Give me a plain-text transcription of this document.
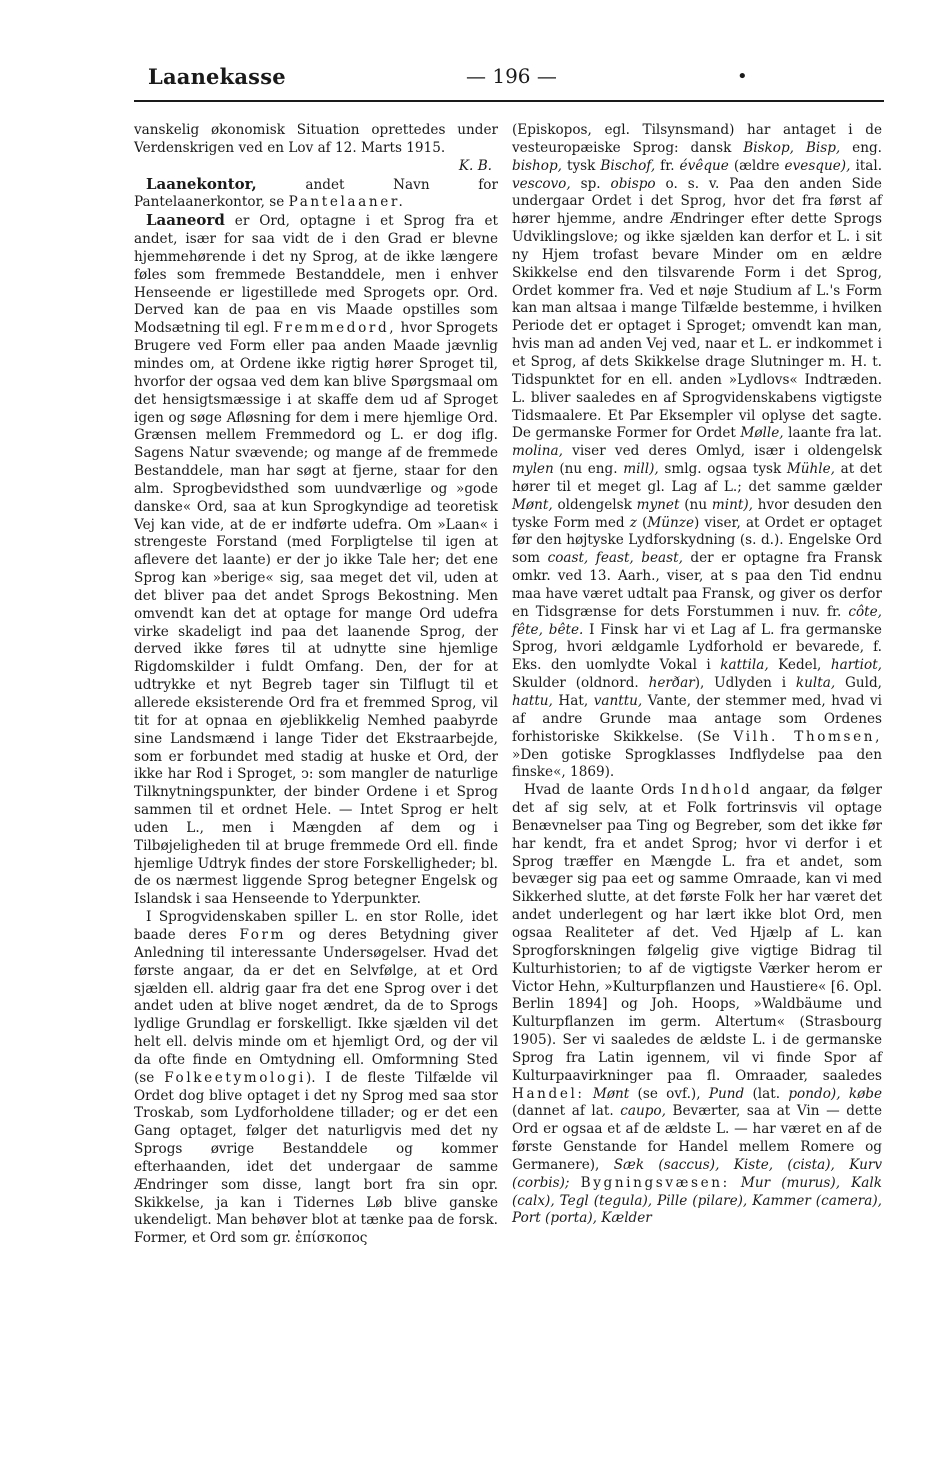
Laanekasse	— 196 —	•

vanskelig økonomisk Situation oprettedes under Verdenskrigen ved en Lov af 12. Marts 1915.

K. B.

Laanekontor, andet Navn for Pantelaanerkontor, se Pantelaaner.

Laaneord er Ord, optagne i et Sprog fra et andet, især for saa vidt de i den Grad er blevne hjemmehørende i det ny Sprog, at de ikke længere føles som fremmede Bestanddele, men i enhver Henseende er ligestillede med Sprogets opr. Ord. Derved kan de paa en vis Maade opstilles som Modsætning til egl. Fremmedord, hvor Sprogets Brugere ved Form eller paa anden Maade jævnlig mindes om, at Ordene ikke rigtig hører Sproget til, hvorfor der ogsaa ved dem kan blive Spørgsmaal om det hensigtsmæssige i at skaffe dem ud af Sproget igen og søge Afløsning for dem i mere hjemlige Ord. Grænsen mellem Fremmedord og L. er dog iflg. Sagens Natur svævende; og mange af de fremmede Bestanddele, man har søgt at fjerne, staar for den alm. Sprogbevidsthed som uundværlige og »gode danske« Ord, saa at kun Sprogkyndige ad teoretisk Vej kan vide, at de er indførte udefra. Om »Laan« i strengeste Forstand (med Forpligtelse til igen at aflevere det laante) er der jo ikke Tale her; det ene Sprog kan »berige« sig, saa meget det vil, uden at det bliver paa det andet Sprogs Bekostning. Men omvendt kan det at optage for mange Ord udefra virke skadeligt ind paa det laanende Sprog, der derved ikke føres til at udnytte sine hjemlige Rigdomskilder i fuldt Omfang. Den, der for at udtrykke et nyt Begreb tager sin Tilflugt til et allerede eksisterende Ord fra et fremmed Sprog, vil tit for at opnaa en øjeblikkelig Nemhed paabyrde sine Landsmænd i lange Tider det Ekstraarbejde, som er forbundet med stadig at huske et Ord, der ikke har Rod i Sproget, ↄ: som mangler de naturlige Tilknytningspunkter, der binder Ordene i et Sprog sammen til et ordnet Hele. — Intet Sprog er helt uden L., men i Mængden af dem og i Tilbøjeligheden til at bruge fremmede Ord ell. finde hjemlige Udtryk findes der store Forskelligheder; bl. de os nærmest liggende Sprog betegner Engelsk og Islandsk i saa Henseende to Yderpunkter.

I Sprogvidenskaben spiller L. en stor Rolle, idet baade deres Form og deres Betydning giver Anledning til interessante Undersøgelser. Hvad det første angaar, da er det en Selvfølge, at et Ord sjælden ell. aldrig gaar fra det ene Sprog over i det andet uden at blive noget ændret, da de to Sprogs lydlige Grundlag er forskelligt. Ikke sjælden vil det helt ell. delvis minde om et hjemligt Ord, og der vil da ofte finde en Omtydning ell. Omformning Sted (se Folkeetymologi). I de fleste Tilfælde vil Ordet dog blive optaget i det ny Sprog med saa stor Troskab, som Lydforholdene tillader; og er det een Gang optaget, følger det naturligvis med det ny Sprogs øvrige Bestanddele og kommer efterhaanden, idet det undergaar de samme Ændringer som disse, langt bort fra sin opr. Skikkelse, ja kan i Tidernes Løb blive ganske ukendeligt. Man behøver blot at tænke paa de forsk. Former, et Ord som gr. ἐπίσκοπος

(Episkopos, egl. Tilsynsmand) har antaget i de vesteuropæiske Sprog: dansk Biskop, Bisp, eng. bishop, tysk Bischof, fr. évêque (ældre evesque), ital. vescovo, sp. obispo o. s. v. Paa den anden Side undergaar Ordet i det Sprog, hvor det fra først af hører hjemme, andre Ændringer efter dette Sprogs Udviklingslove; og ikke sjælden kan derfor et L. i sit ny Hjem trofast bevare Minder om en ældre Skikkelse end den tilsvarende Form i det Sprog, Ordet kommer fra. Ved et nøje Studium af L.'s Form kan man altsaa i mange Tilfælde bestemme, i hvilken Periode det er optaget i Sproget; omvendt kan man, hvis man ad anden Vej ved, naar et L. er indkommet i et Sprog, af dets Skikkelse drage Slutninger m. H. t. Tidspunktet for en ell. anden »Lydlovs« Indtræden. L. bliver saaledes en af Sprogvidenskabens vigtigste Tidsmaalere. Et Par Eksempler vil oplyse det sagte. De germanske Former for Ordet Mølle, laante fra lat. molina, viser ved deres Omlyd, især i oldengelsk mylen (nu eng. mill), smlg. ogsaa tysk Mühle, at det hører til et meget gl. Lag af L.; det samme gælder Mønt, oldengelsk mynet (nu mint), hvor desuden den tyske Form med z (Münze) viser, at Ordet er optaget før den højtyske Lydforskydning (s. d.). Engelske Ord som coast, feast, beast, der er optagne fra Fransk omkr. ved 13. Aarh., viser, at s paa den Tid endnu maa have været udtalt paa Fransk, og giver os derfor en Tidsgrænse for dets Forstummen i nuv. fr. côte, fête, bête. I Finsk har vi et Lag af L. fra germanske Sprog, hvori ældgamle Lydforhold er bevarede, f. Eks. den uomlydte Vokal i kattila, Kedel, hartiot, Skulder (oldnord. herðar), Udlyden i kulta, Guld, hattu, Hat, vanttu, Vante, der stemmer med, hvad vi af andre Grunde maa antage som Ordenes forhistoriske Skikkelse. (Se Vilh. Thomsen, »Den gotiske Sprogklasses Indflydelse paa den finske«, 1869).

Hvad de laante Ords Indhold angaar, da følger det af sig selv, at et Folk fortrinsvis vil optage Benævnelser paa Ting og Begreber, som det ikke før har kendt, fra et andet Sprog; hvor vi derfor i et Sprog træffer en Mængde L. fra et andet, som bevæger sig paa eet og samme Omraade, kan vi med Sikkerhed slutte, at det første Folk her har været det andet underlegent og har lært ikke blot Ord, men ogsaa Realiteter af det. Ved Hjælp af L. kan Sprogforskningen følgelig give vigtige Bidrag til Kulturhistorien; to af de vigtigste Værker herom er Victor Hehn, »Kulturpflanzen und Haustiere« [6. Opl. Berlin 1894] og Joh. Hoops, »Waldbäume und Kulturpflanzen im germ. Altertum« (Strasbourg 1905). Ser vi saaledes de ældste L. i de germanske Sprog fra Latin igennem, vil vi finde Spor af Kulturpaavirkninger paa fl. Omraader, saaledes Handel: Mønt (se ovf.), Pund (lat. pondo), købe (dannet af lat. caupo, Beværter, saa at Vin — dette Ord er ogsaa et af de ældste L. — har været en af de første Genstande for Handel mellem Romere og Germanere), Sæk (saccus), Kiste, (cista), Kurv (corbis); Bygningsvæsen: Mur (murus), Kalk (calx), Tegl (tegula), Pille (pilare), Kammer (camera), Port (porta), Kælder
